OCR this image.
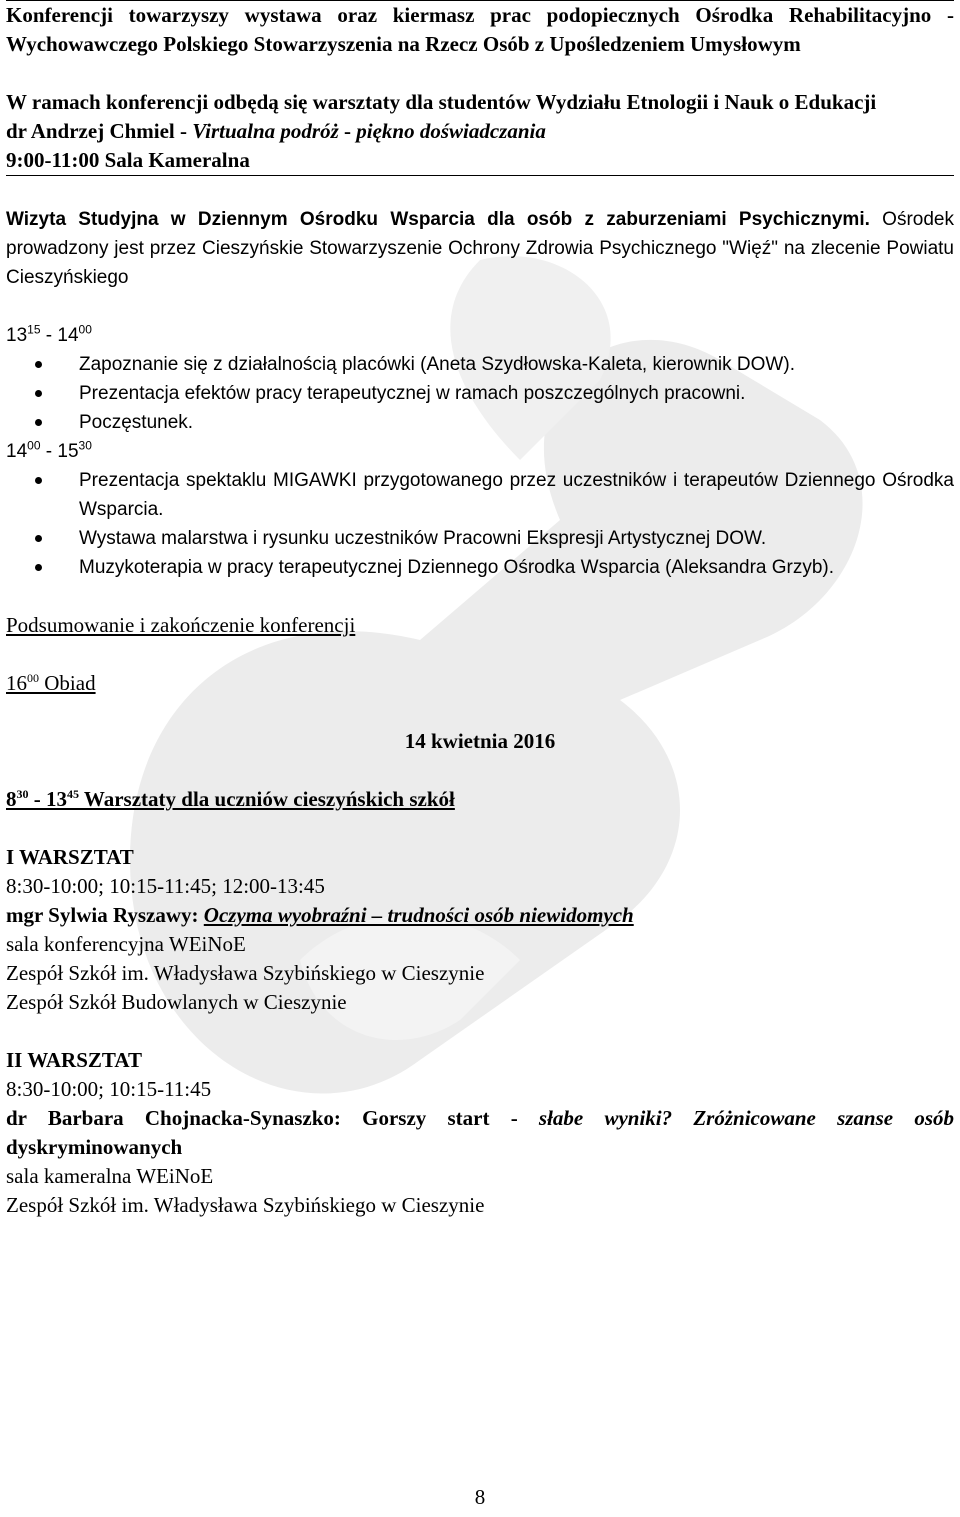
Konferencji towarzyszy wystawa oraz kiermasz prac podopiecznych Ośrodka Rehabilitacyjno - Wychowawczego Polskiego Stowarzyszenia na Rzecz Osób z Upośledzeniem Umysłowym

W ramach konferencji odbędą się warsztaty dla studentów Wydziału Etnologii i Nauk o Edukacji

dr Andrzej Chmiel - Virtualna podróż - piękno doświadczania

9:00-11:00 Sala Kameralna

Wizyta Studyjna w Dziennym Ośrodku Wsparcia dla osób z zaburzeniami Psychicznymi. Ośrodek prowadzony jest przez Cieszyńskie Stowarzyszenie Ochrony Zdrowia Psychicznego "Więź" na zlecenie Powiatu Cieszyńskiego

$13^{15} - 14^{00}$

Zapoznanie się z działalnością placówki (Aneta Szydłowska-Kaleta, kierownik DOW).
Prezentacja efektów pracy terapeutycznej w ramach poszczególnych pracowni.
Poczęstunek.

$14^{00} - 15^{30}$

Prezentacja spektaklu MIGAWKI przygotowanego przez uczestników i terapeutów Dziennego Ośrodka Wsparcia.
Wystawa malarstwa i rysunku uczestników Pracowni Ekspresji Artystycznej DOW.
Muzykoterapia w pracy terapeutycznej Dziennego Ośrodka Wsparcia (Aleksandra Grzyb).

Podsumowanie i zakończenie konferencji

$16^{00}$ Obiad

14 kwietnia 2016

$8^{30} - 13^{45}$ Warsztaty dla uczniów cieszyńskich szkół

I WARSZTAT

8:30-10:00; 10:15-11:45; 12:00-13:45

mgr Sylwia Ryszawy: Oczyma wyobraźni – trudności osób niewidomych

sala konferencyjna WEiNoE

Zespół Szkół im. Władysława Szybińskiego w Cieszynie

Zespół Szkół Budowlanych w Cieszynie

II WARSZTAT

8:30-10:00; 10:15-11:45

dr Barbara Chojnacka-Synaszko: Gorszy start - słabe wyniki? Zróżnicowane szanse osób

dyskryminowanych

sala kameralna WEiNoE

Zespół Szkół im. Władysława Szybińskiego w Cieszynie

8
